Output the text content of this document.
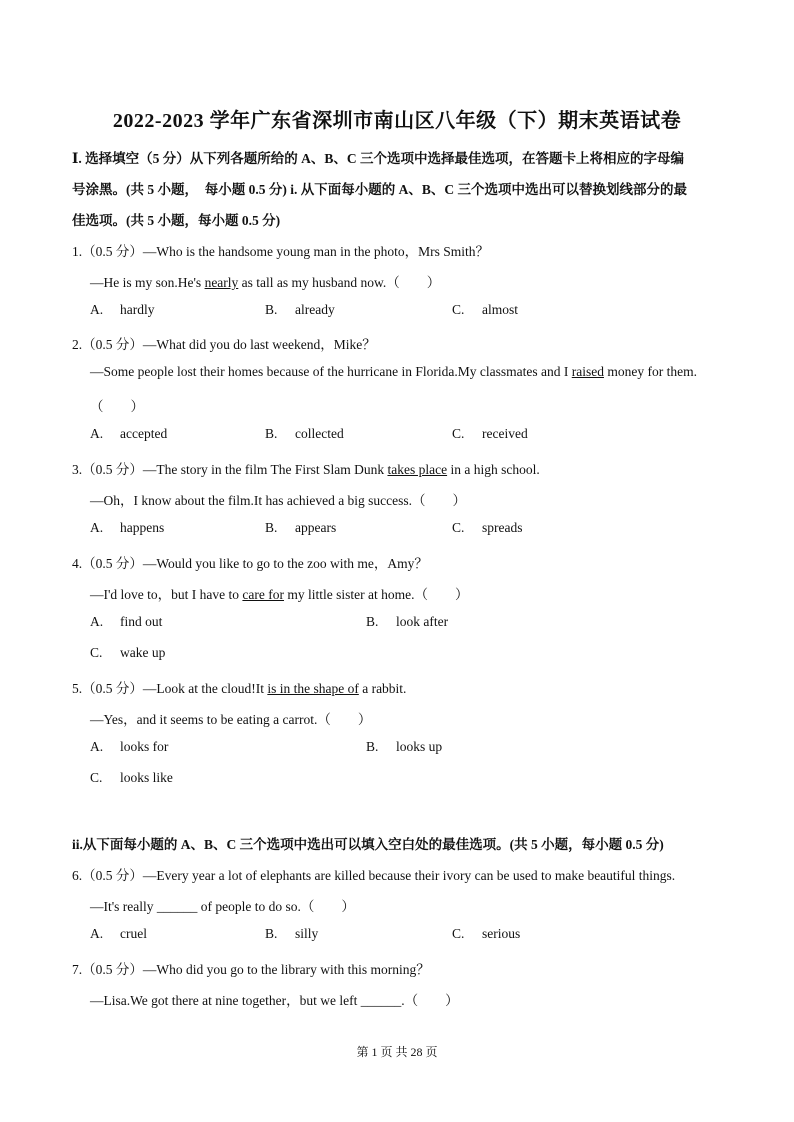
2022-2023 学年广东省深圳市南山区八年级（下）期末英语试卷
Ⅰ. 选择填空（5 分）从下列各题所给的 A、B、C 三个选项中选择最佳选项，在答题卡上将相应的字母编
号涂黑。(共 5 小题，　每小题 0.5 分) i. 从下面每小题的 A、B、C 三个选项中选出可以替换划线部分的最
佳选项。(共 5 小题，每小题 0.5 分)
1.（0.5 分）—Who is the handsome young man in the photo，Mrs Smith？
—He is my son.He's nearly as tall as my husband now.（　　）
A. hardly	B. already	C. almost
2.（0.5 分）—What did you do last weekend，Mike？
—Some people lost their homes because of the hurricane in Florida.My classmates and I raised money for them.
（　　）
A. accepted	B. collected	C. received
3.（0.5 分）—The story in the film The First Slam Dunk takes place in a high school.
—Oh，I know about the film.It has achieved a big success.（　　）
A. happens	B. appears	C. spreads
4.（0.5 分）—Would you like to go to the zoo with me，Amy？
—I'd love to，but I have to care for my little sister at home.（　　）
A. find out	B. look after
C. wake up
5.（0.5 分）—Look at the cloud!It is in the shape of a rabbit.
—Yes，and it seems to be eating a carrot.（　　）
A. looks for	B. looks up
C. looks like
ii.从下面每小题的 A、B、C 三个选项中选出可以填入空白处的最佳选项。(共 5 小题，每小题 0.5 分)
6.（0.5 分）—Every year a lot of elephants are killed because their ivory can be used to make beautiful things.
—It's really ______ of people to do so.（　　）
A. cruel	B. silly	C. serious
7.（0.5 分）—Who did you go to the library with this morning？
—Lisa.We got there at nine together，but we left ______.（　　）
第 1 页 共 28 页
